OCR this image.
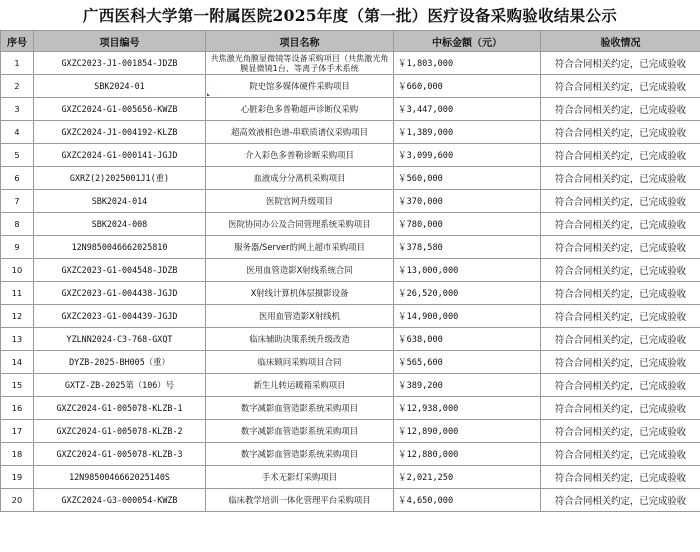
广西医科大学第一附属医院2025年度（第一批）医疗设备采购验收结果公示
序号	项目编号	项目名称	中标金额（元）	验收情况
1	GXZC2023-J1-001854-JDZB	共焦激光角膜显微镜等设备采购项目（共焦激光角膜显微镜1台、等离子体手术系统	￥1,803,000	符合合同相关约定，已完成验收
2	SBK2024-01	院史馆多媒体硬件采购项目	￥660,000	符合合同相关约定，已完成验收
3	GXZC2024-G1-005656-KWZB	心脏彩色多普勒超声诊断仪采购	￥3,447,000	符合合同相关约定，已完成验收
4	GXZC2024-J1-004192-KLZB	超高效液相色谱-串联质谱仪采购项目	￥1,389,000	符合合同相关约定，已完成验收
5	GXZC2024-G1-000141-JGJD	介入彩色多普勒诊断采购项目	￥3,099,600	符合合同相关约定，已完成验收
6	GXRZ(2)2025001J1(重)	血液成分分离机采购项目	￥560,000	符合合同相关约定，已完成验收
7	SBK2024-014	医院官网升级项目	￥370,000	符合合同相关约定，已完成验收
8	SBK2024-008	医院协同办公及合同管理系统采购项目	￥780,000	符合合同相关约定，已完成验收
9	12N9850046662025810	服务器/Server的网上超市采购项目	￥378,580	符合合同相关约定，已完成验收
10	GXZC2023-G1-004548-JDZB	医用血管造影X射线系统合同	￥13,000,000	符合合同相关约定，已完成验收
11	GXZC2023-G1-004438-JGJD	X射线计算机体层摄影设备	￥26,520,000	符合合同相关约定，已完成验收
12	GXZC2023-G1-004439-JGJD	医用血管造影X射线机	￥14,900,000	符合合同相关约定，已完成验收
13	YZLNN2024-C3-768-GXQT	临床辅助决策系统升级改造	￥638,000	符合合同相关约定，已完成验收
14	DYZB-2025-BH005（重）	临床顾问采购项目合同	￥565,600	符合合同相关约定，已完成验收
15	GXTZ-ZB-2025第（106）号	新生儿转运暖箱采购项目	￥389,200	符合合同相关约定，已完成验收
16	GXZC2024-G1-005078-KLZB-1	数字减影血管造影系统采购项目	￥12,938,000	符合合同相关约定，已完成验收
17	GXZC2024-G1-005078-KLZB-2	数字减影血管造影系统采购项目	￥12,890,000	符合合同相关约定，已完成验收
18	GXZC2024-G1-005078-KLZB-3	数字减影血管造影系统采购项目	￥12,880,000	符合合同相关约定，已完成验收
19	12N9850046662025140S	手术无影灯采购项目	￥2,021,250	符合合同相关约定，已完成验收
20	GXZC2024-G3-000054-KWZB	临床教学培训一体化管理平台采购项目	￥4,650,000	符合合同相关约定，已完成验收
